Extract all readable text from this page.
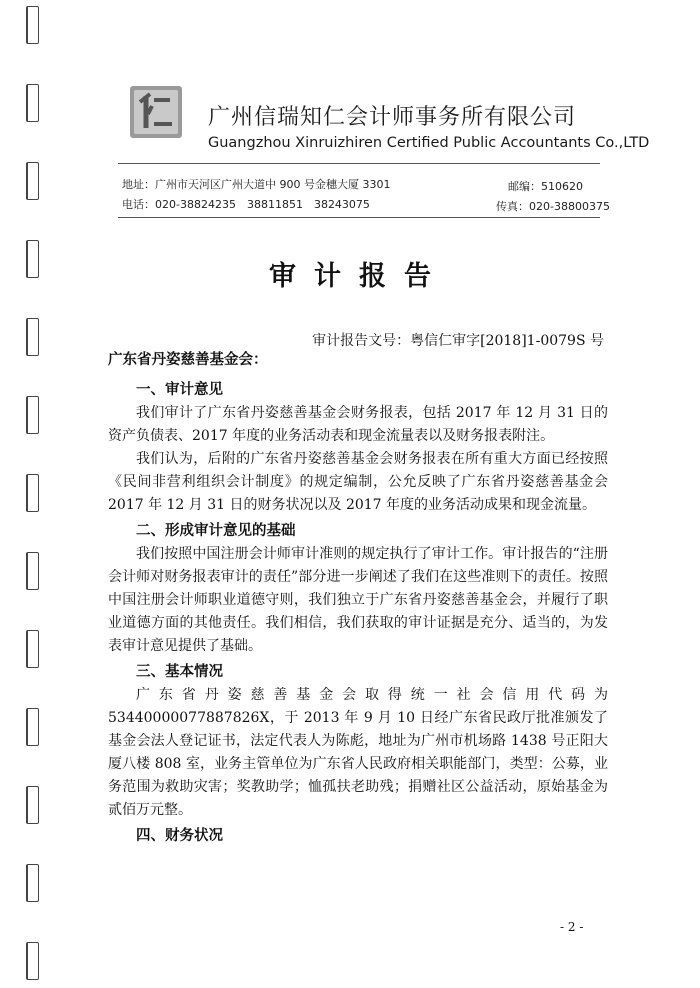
广州信瑞知仁会计师事务所有限公司
Guangzhou Xinruizhiren Certified Public Accountants Co.,LTD
地址：广州市天河区广州大道中 900 号金穗大厦 3301	邮编：510620
电话：020-38824235　38811851　38243075	传真：020-38800375
审计报告
审计报告文号：粤信仁审字[2018]1-0079S 号
广东省丹姿慈善基金会：
一、审计意见
我们审计了广东省丹姿慈善基金会财务报表，包括 2017 年 12 月 31 日的资产负债表、2017 年度的业务活动表和现金流量表以及财务报表附注。
我们认为，后附的广东省丹姿慈善基金会财务报表在所有重大方面已经按照《民间非营利组织会计制度》的规定编制，公允反映了广东省丹姿慈善基金会 2017 年 12 月 31 日的财务状况以及 2017 年度的业务活动成果和现金流量。
二、形成审计意见的基础
我们按照中国注册会计师审计准则的规定执行了审计工作。审计报告的“注册会计师对财务报表审计的责任”部分进一步阐述了我们在这些准则下的责任。按照中国注册会计师职业道德守则，我们独立于广东省丹姿慈善基金会，并履行了职业道德方面的其他责任。我们相信，我们获取的审计证据是充分、适当的，为发表审计意见提供了基础。
三、基本情况
广东省丹姿慈善基金会取得统一社会信用代码为 53440000077887826X，于 2013 年 9 月 10 日经广东省民政厅批准颁发了基金会法人登记证书，法定代表人为陈彪，地址为广州市机场路 1438 号正阳大厦八楼 808 室，业务主管单位为广东省人民政府相关职能部门，类型：公募，业务范围为救助灾害；奖教助学；恤孤扶老助残；捐赠社区公益活动，原始基金为贰佰万元整。
四、财务状况
- 2 -
